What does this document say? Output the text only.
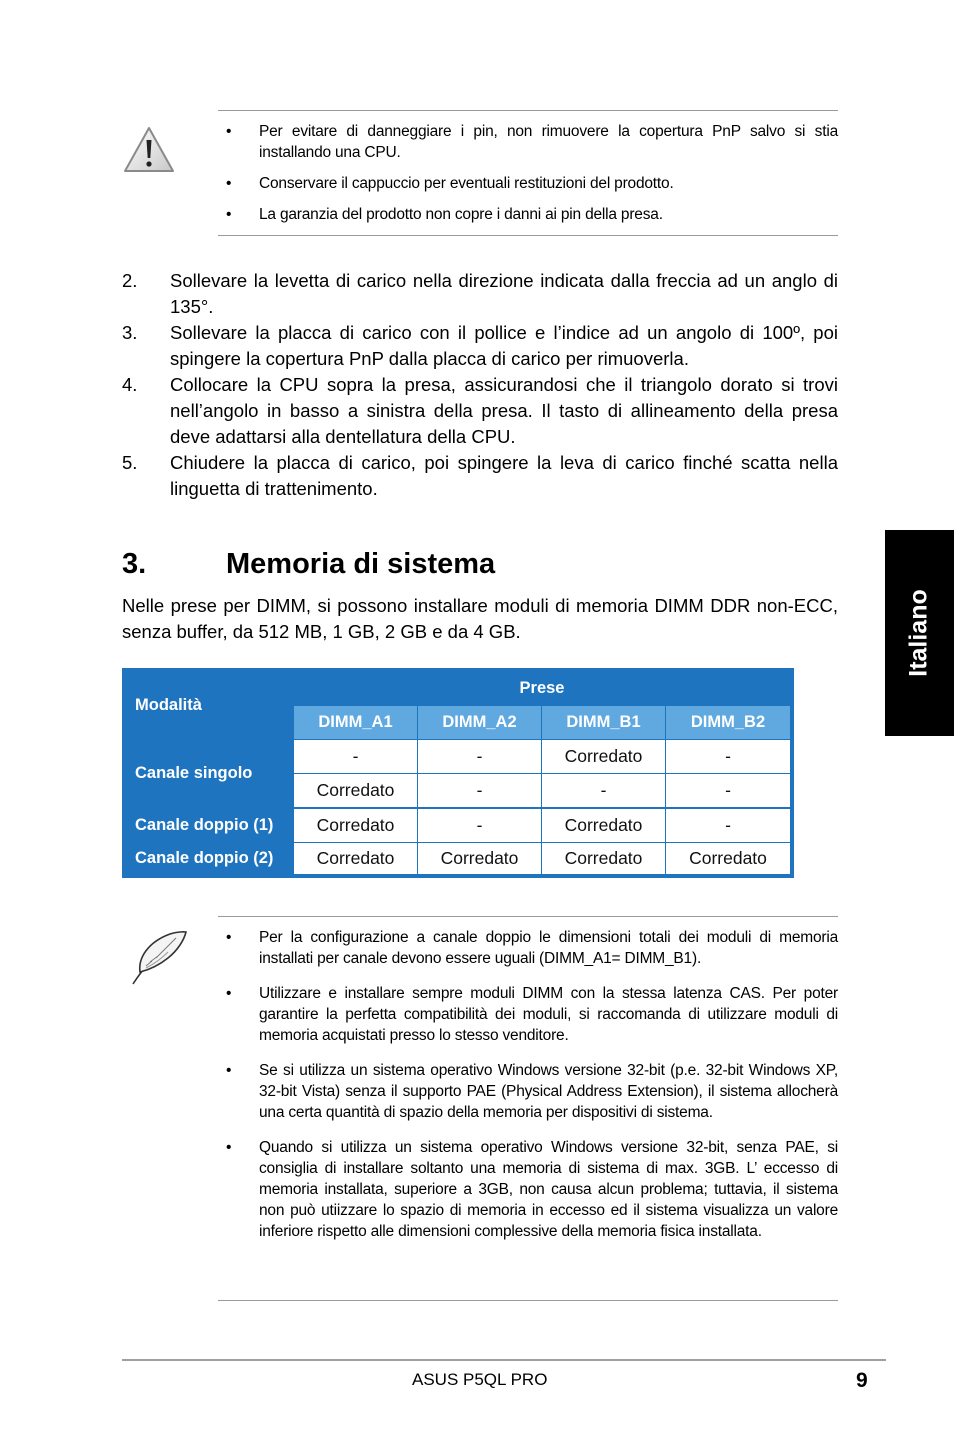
• Per evitare di danneggiare i pin, non rimuovere la copertura PnP salvo si stia installando una CPU.
• Conservare il cappuccio per eventuali restituzioni del prodotto.
• La garanzia del prodotto non copre i danni ai pin della presa.
2. Sollevare la levetta di carico nella direzione indicata dalla freccia ad un anglo di 135°.
3. Sollevare la placca di carico con il pollice e l’indice ad un angolo di 100º, poi spingere la copertura PnP dalla placca di carico per rimuoverla.
4. Collocare la CPU sopra la presa, assicurandosi che il triangolo dorato si trovi nell’angolo in basso a sinistra della presa. Il tasto di allineamento della presa deve adattarsi alla dentellatura della CPU.
5. Chiudere la placca di carico, poi spingere la leva di carico finché scatta nella linguetta di trattenimento.
3.	Memoria di sistema
Nelle prese per DIMM, si possono installare moduli di memoria DIMM DDR non-ECC, senza buffer, da 512 MB, 1 GB, 2 GB e da 4 GB.
Modalità
Prese
DIMM_A1	DIMM_A2	DIMM_B1	DIMM_B2
Canale singolo
-	-	Corredato	-
Corredato	-	-	-
Canale doppio (1)	Corredato	-	Corredato	-
Canale doppio (2)	Corredato	Corredato	Corredato	Corredato
Italiano
• Per la configurazione a canale doppio le dimensioni totali dei moduli di memoria installati per canale devono essere uguali (DIMM_A1= DIMM_B1).
• Utilizzare e installare sempre moduli DIMM con la stessa latenza CAS. Per poter garantire la perfetta compatibilità dei moduli, si raccomanda di utilizzare moduli di memoria acquistati presso lo stesso venditore.
• Se si utilizza un sistema operativo Windows versione 32-bit (p.e. 32-bit Windows XP, 32-bit Vista) senza il supporto PAE (Physical Address Extension), il sistema allocherà una certa quantità di spazio della memoria per dispositivi di sistema.
• Quando si utilizza un sistema operativo Windows versione 32-bit, senza PAE, si consiglia di installare soltanto una memoria di sistema di max. 3GB. L’ eccesso di memoria installata, superiore a 3GB, non causa alcun problema; tuttavia, il sistema non può utiizzare lo spazio di memoria in eccesso ed il sistema visualizza un valore inferiore rispetto alle dimensioni complessive della memoria fisica installata.
ASUS P5QL PRO	9
